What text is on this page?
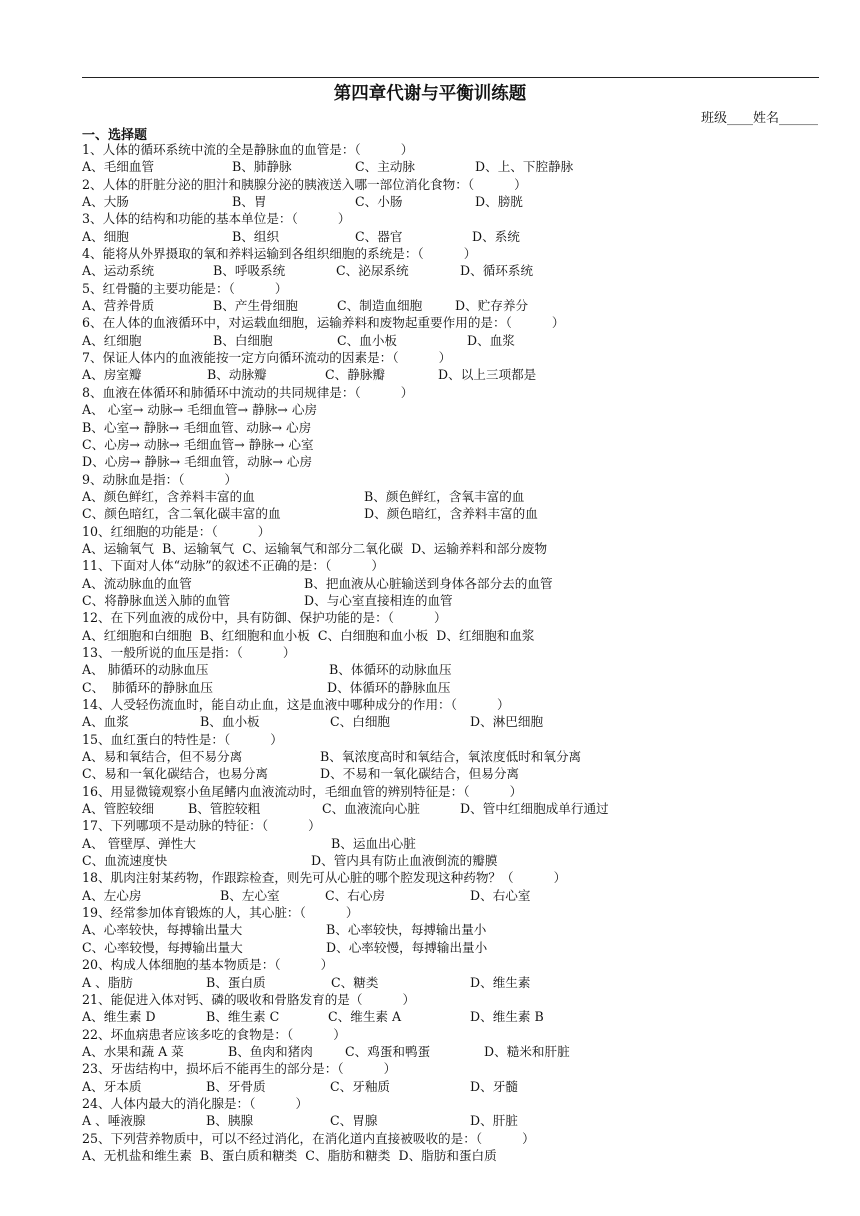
第四章代谢与平衡训练题
班级____姓名______
一、选择题
1、人体的循环系统中流的全是静脉血的血管是：（          ）
A、毛细血管	B、肺静脉	C、主动脉	D、上、下腔静脉
2、人体的肝脏分泌的胆汁和胰腺分泌的胰液送入哪一部位消化食物：（          ）
A、大肠	B、胃	C、小肠	D、膀胱
3、人体的结构和功能的基本单位是：（          ）
A、细胞	B、组织	C、器官	D、系统
4、能将从外界摄取的氧和养料运输到各组织细胞的系统是：（          ）
A、运动系统	B、呼吸系统	C、泌尿系统	D、循环系统
5、红骨髓的主要功能是：（          ）
A、营养骨质	B、产生骨细胞	C、制造血细胞	D、贮存养分
6、在人体的血液循环中，对运载血细胞，运输养料和废物起重要作用的是：（          ）
A、红细胞	B、白细胞	C、血小板	D、血浆
7、保证人体内的血液能按一定方向循环流动的因素是：（          ）
A、房室瓣	B、动脉瓣	C、静脉瓣	D、以上三项都是
8、血液在体循环和肺循环中流动的共同规律是：（          ）
A、 心室→ 动脉→ 毛细血管→ 静脉→ 心房
B、心室→ 静脉→ 毛细血管、动脉→ 心房
C、心房→ 动脉→ 毛细血管→ 静脉→ 心室
D、心房→ 静脉→ 毛细血管，动脉→ 心房
9、动脉血是指：（          ）
A、颜色鲜红，含养料丰富的血	B、颜色鲜红，含氧丰富的血
C、颜色暗红，含二氧化碳丰富的血	D、颜色暗红，含养料丰富的血
10、红细胞的功能是：（          ）
A、运输氧气  B、运输氧气  C、运输氧气和部分二氧化碳  D、运输养料和部分废物
11、下面对人体“动脉”的叙述不正确的是：（          ）
A、流动脉血的血管	B、把血液从心脏输送到身体各部分去的血管
C、将静脉血送入肺的血管	D、与心室直接相连的血管
12、在下列血液的成份中，具有防御、保护功能的是：（          ）
A、红细胞和白细胞  B、红细胞和血小板  C、白细胞和血小板  D、红细胞和血浆
13、一般所说的血压是指：（          ）
A、 肺循环的动脉血压	B、体循环的动脉血压
C、  肺循环的静脉血压	D、体循环的静脉血压
14、人受轻伤流血时，能自动止血，这是血液中哪种成分的作用：（          ）
A、血浆	B、血小板	C、白细胞	D、淋巴细胞
15、血红蛋白的特性是：（          ）
A、易和氧结合，但不易分离	B、氧浓度高时和氧结合，氧浓度低时和氧分离
C、易和一氧化碳结合，也易分离	D、不易和一氧化碳结合，但易分离
16、用显微镜观察小鱼尾鳍内血液流动时，毛细血管的辨别特征是：（          ）
A、管腔较细	B、管腔较粗	C、血液流向心脏	D、管中红细胞成单行通过
17、下列哪项不是动脉的特征：（          ）
A、 管壁厚、弹性大	B、运血出心脏
C、血流速度快	D、管内具有防止血液倒流的瓣膜
18、肌肉注射某药物，作跟踪检查，则先可从心脏的哪个腔发现这种药物？（          ）
A、左心房	B、左心室	C、右心房	D、右心室
19、经常参加体育锻炼的人，其心脏：（          ）
A、心率较快，每搏输出量大	B、心率较快，每搏输出量小
C、心率较慢，每搏输出量大	D、心率较慢，每搏输出量小
20、构成人体细胞的基本物质是：（          ）
A 、脂肪	B、蛋白质	C、糖类	D、维生素
21、能促进入体对钙、磷的吸收和骨胳发育的是（          ）
A、维生素 D	B、维生素 C	C、维生素 A	D、维生素 B
22、坏血病患者应该多吃的食物是：（          ）
A、水果和蔬 A 菜	B、鱼肉和猪肉	C、鸡蛋和鸭蛋	D、糙米和肝脏
23、牙齿结构中，损坏后不能再生的部分是：（          ）
A、牙本质	B、牙骨质	C、牙釉质	D、牙髓
24、人体内最大的消化腺是：（          ）
A 、唾液腺	B、胰腺	C、胃腺	D、肝脏
25、下列营养物质中，可以不经过消化，在消化道内直接被吸收的是：（          ）
A、无机盐和维生素  B、蛋白质和糖类  C、脂肪和糖类  D、脂肪和蛋白质
